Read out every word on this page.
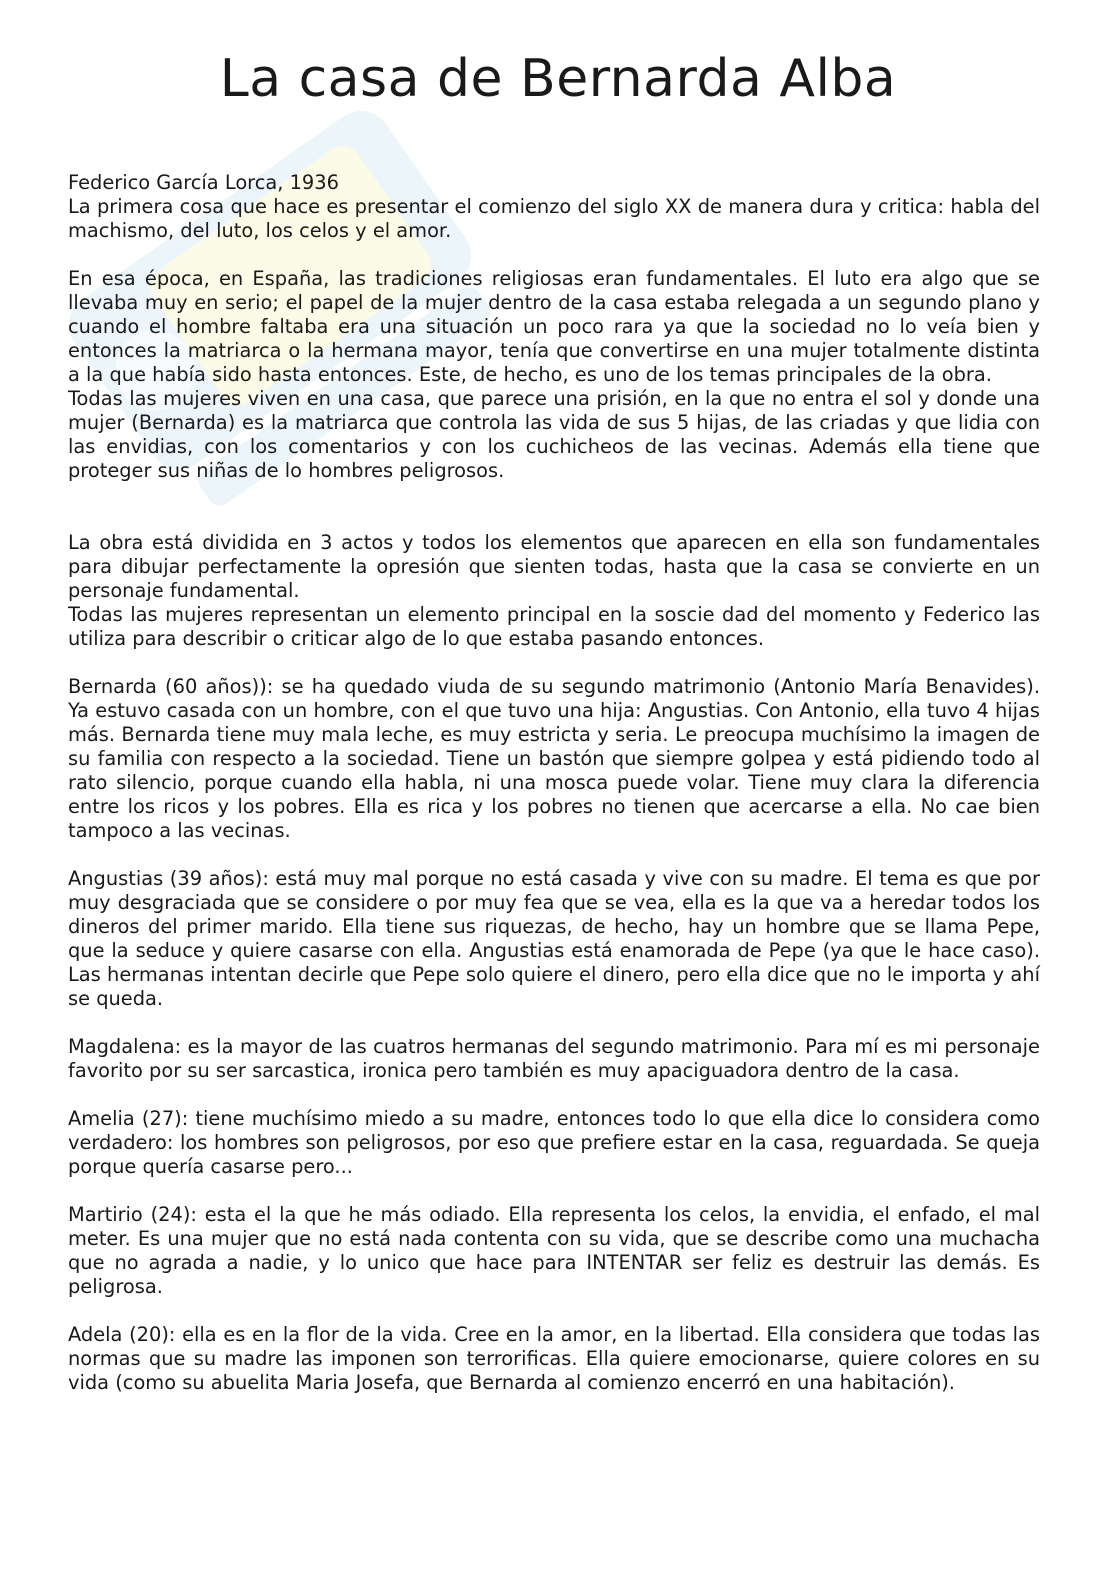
La casa de Bernarda Alba

Federico García Lorca, 1936

La primera cosa que hace es presentar el comienzo del siglo XX de manera dura y critica: habla del machismo, del luto, los celos y el amor.

En esa época, en España, las tradiciones religiosas eran fundamentales. El luto era algo que se llevaba muy en serio; el papel de la mujer dentro de la casa estaba relegada a un segundo plano y cuando el hombre faltaba era una situación un poco rara ya que la sociedad no lo veía bien y entonces la matriarca o la hermana mayor, tenía que convertirse en una mujer totalmente distinta a la que había sido hasta entonces. Este, de hecho, es uno de los temas principales de la obra.

Todas las mujeres viven en una casa, que parece una prisión, en la que no entra el sol y donde una mujer (Bernarda) es la matriarca que controla las vida de sus 5 hijas, de las criadas y que lidia con las envidias, con los comentarios y con los cuchicheos de las vecinas. Además ella tiene que proteger sus niñas de lo hombres peligrosos.

La obra está dividida en 3 actos y todos los elementos que aparecen en ella son fundamentales para dibujar perfectamente la opresión que sienten todas, hasta que la casa se convierte en un personaje fundamental.

Todas las mujeres representan un elemento principal en la soscie dad del momento y Federico las utiliza para describir o criticar algo de lo que estaba pasando entonces.

Bernarda (60 años)): se ha quedado viuda de su segundo matrimonio (Antonio María Benavides). Ya estuvo casada con un hombre, con el que tuvo una hija: Angustias. Con Antonio, ella tuvo 4 hijas más. Bernarda tiene muy mala leche, es muy estricta y seria. Le preocupa muchísimo la imagen de su familia con respecto a la sociedad. Tiene un bastón que siempre golpea y está pidiendo todo al rato silencio, porque cuando ella habla, ni una mosca puede volar. Tiene muy clara la diferencia entre los ricos y los pobres. Ella es rica y los pobres no tienen que acercarse a ella. No cae bien tampoco a las vecinas.

Angustias (39 años): está muy mal porque no está casada y vive con su madre. El tema es que por muy desgraciada que se considere o por muy fea que se vea, ella es la que va a heredar todos los dineros del primer marido. Ella tiene sus riquezas, de hecho, hay un hombre que se llama Pepe, que la seduce y quiere casarse con ella. Angustias está enamorada de Pepe (ya que le hace caso). Las hermanas intentan decirle que Pepe solo quiere el dinero, pero ella dice que no le importa y ahí se queda.

Magdalena: es la mayor de las cuatros hermanas del segundo matrimonio. Para mí es mi personaje favorito por su ser sarcastica, ironica pero también es muy apaciguadora dentro de la casa.

Amelia (27): tiene muchísimo miedo a su madre, entonces todo lo que ella dice lo considera como verdadero: los hombres son peligrosos, por eso que prefiere estar en la casa, reguardada. Se queja porque quería casarse pero...

Martirio (24): esta el la que he más odiado. Ella representa los celos, la envidia, el enfado, el mal meter. Es una mujer que no está nada contenta con su vida, que se describe como una muchacha que no agrada a nadie, y lo unico que hace para INTENTAR ser feliz es destruir las demás. Es peligrosa.

Adela (20): ella es en la flor de la vida. Cree en la amor, en la libertad. Ella considera que todas las normas que su madre las imponen son terrorificas. Ella quiere emocionarse, quiere colores en su vida (como su abuelita Maria Josefa, que Bernarda al comienzo encerró en una habitación).
